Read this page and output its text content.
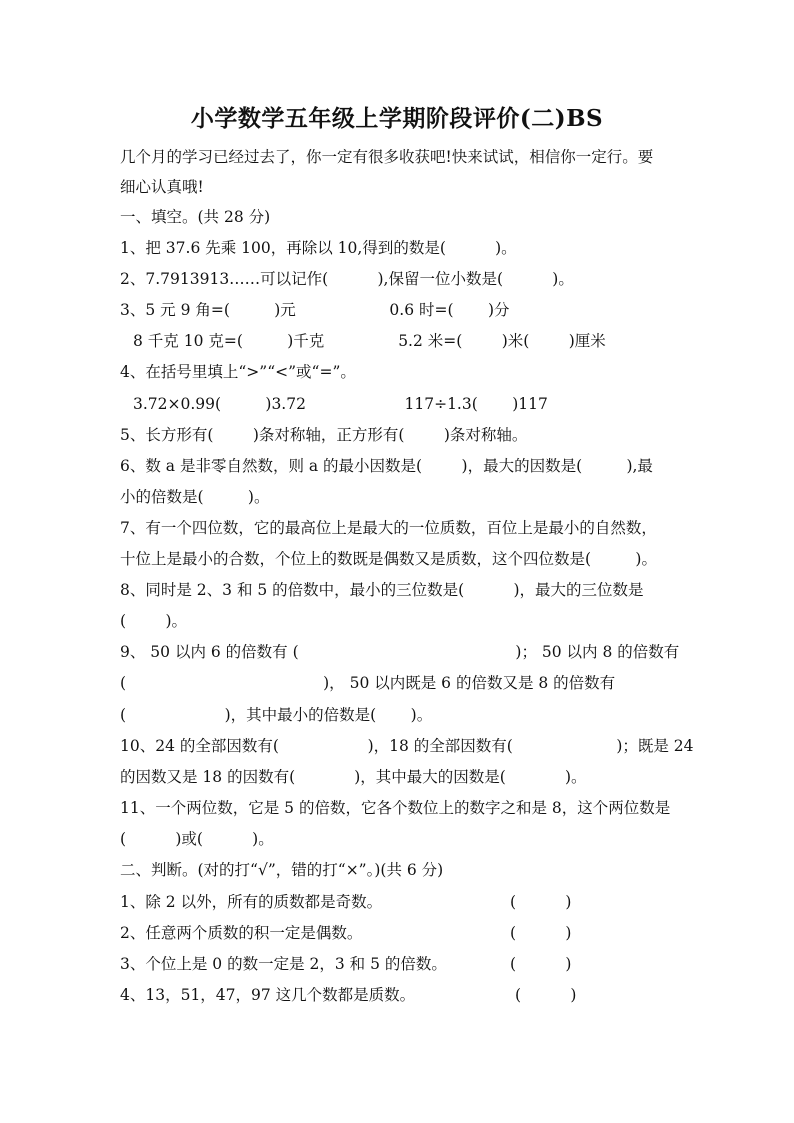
小学数学五年级上学期阶段评价(二)BS
几个月的学习已经过去了，你一定有很多收获吧!快来试试，相信你一定行。要
细心认真哦!
一、填空。(共 28 分)
1、把 37.6 先乘 100，再除以 10,得到的数是(          )。
2、7.7913913……可以记作(          ),保留一位小数是(          )。
3、5 元 9 角=(         )元                   0.6 时=(       )分
8 千克 10 克=(         )千克               5.2 米=(        )米(        )厘米
4、在括号里填上“>”“<”或“=”。
3.72×0.99(         )3.72                    117÷1.3(       )117
5、长方形有(        )条对称轴，正方形有(        )条对称轴。
6、数 a 是非零自然数，则 a 的最小因数是(        )，最大的因数是(         ),最
小的倍数是(         )。
7、有一个四位数，它的最高位上是最大的一位质数，百位上是最小的自然数，
十位上是最小的合数，个位上的数既是偶数又是质数，这个四位数是(         )。
8、同时是 2、3 和 5 的倍数中，最小的三位数是(          )，最大的三位数是
(        )。
9、 50 以内 6 的倍数有 (                                            )； 50 以内 8 的倍数有
(                                        )， 50 以内既是 6 的倍数又是 8 的倍数有
(                    )，其中最小的倍数是(       )。
10、24 的全部因数有(                  )，18 的全部因数有(                     )；既是 24
的因数又是 18 的因数有(            )，其中最大的因数是(            )。
11、一个两位数，它是 5 的倍数，它各个数位上的数字之和是 8，这个两位数是
(          )或(          )。
二、判断。(对的打“√”，错的打“×”。)(共 6 分)
1、除 2 以外，所有的质数都是奇数。	(          )
2、任意两个质数的积一定是偶数。	(          )
3、个位上是 0 的数一定是 2，3 和 5 的倍数。	(          )
4、13，51，47，97 这几个数都是质数。	(          )
